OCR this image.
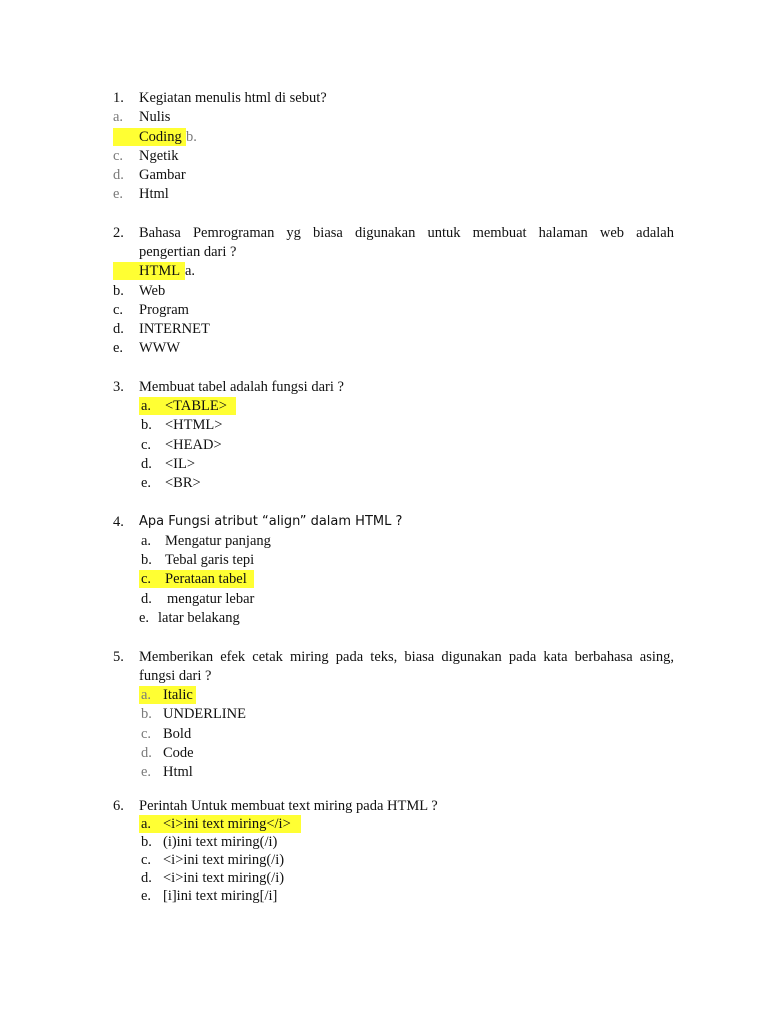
1. Kegiatan menulis html di sebut?
a. Nulis
b.
Coding
c. Ngetik
d. Gambar
e. Html
2. Bahasa Pemrograman yg biasa digunakan untuk membuat halaman web adalah
pengertian dari ?
a.
HTML
b. Web
c. Program
d. INTERNET
e. WWW
3. Membuat tabel adalah fungsi dari ?
a. <TABLE>
b. <HTML>
c. <HEAD>
d. <IL>
e. <BR>
4. Apa Fungsi atribut “align” dalam HTML ?
a. Mengatur panjang
b. Tebal garis tepi
c. Perataan tabel
d. mengatur lebar
e. latar belakang
5. Memberikan efek cetak miring pada teks, biasa digunakan pada kata berbahasa asing,
fungsi dari ?
a. Italic
b. UNDERLINE
c. Bold
d. Code
e. Html
6. Perintah Untuk membuat text miring pada HTML ?
a. <i>ini text miring</i>
b. (i)ini text miring(/i)
c. <i>ini text miring(/i)
d. <i>ini text miring(/i)
e. [i]ini text miring[/i]
